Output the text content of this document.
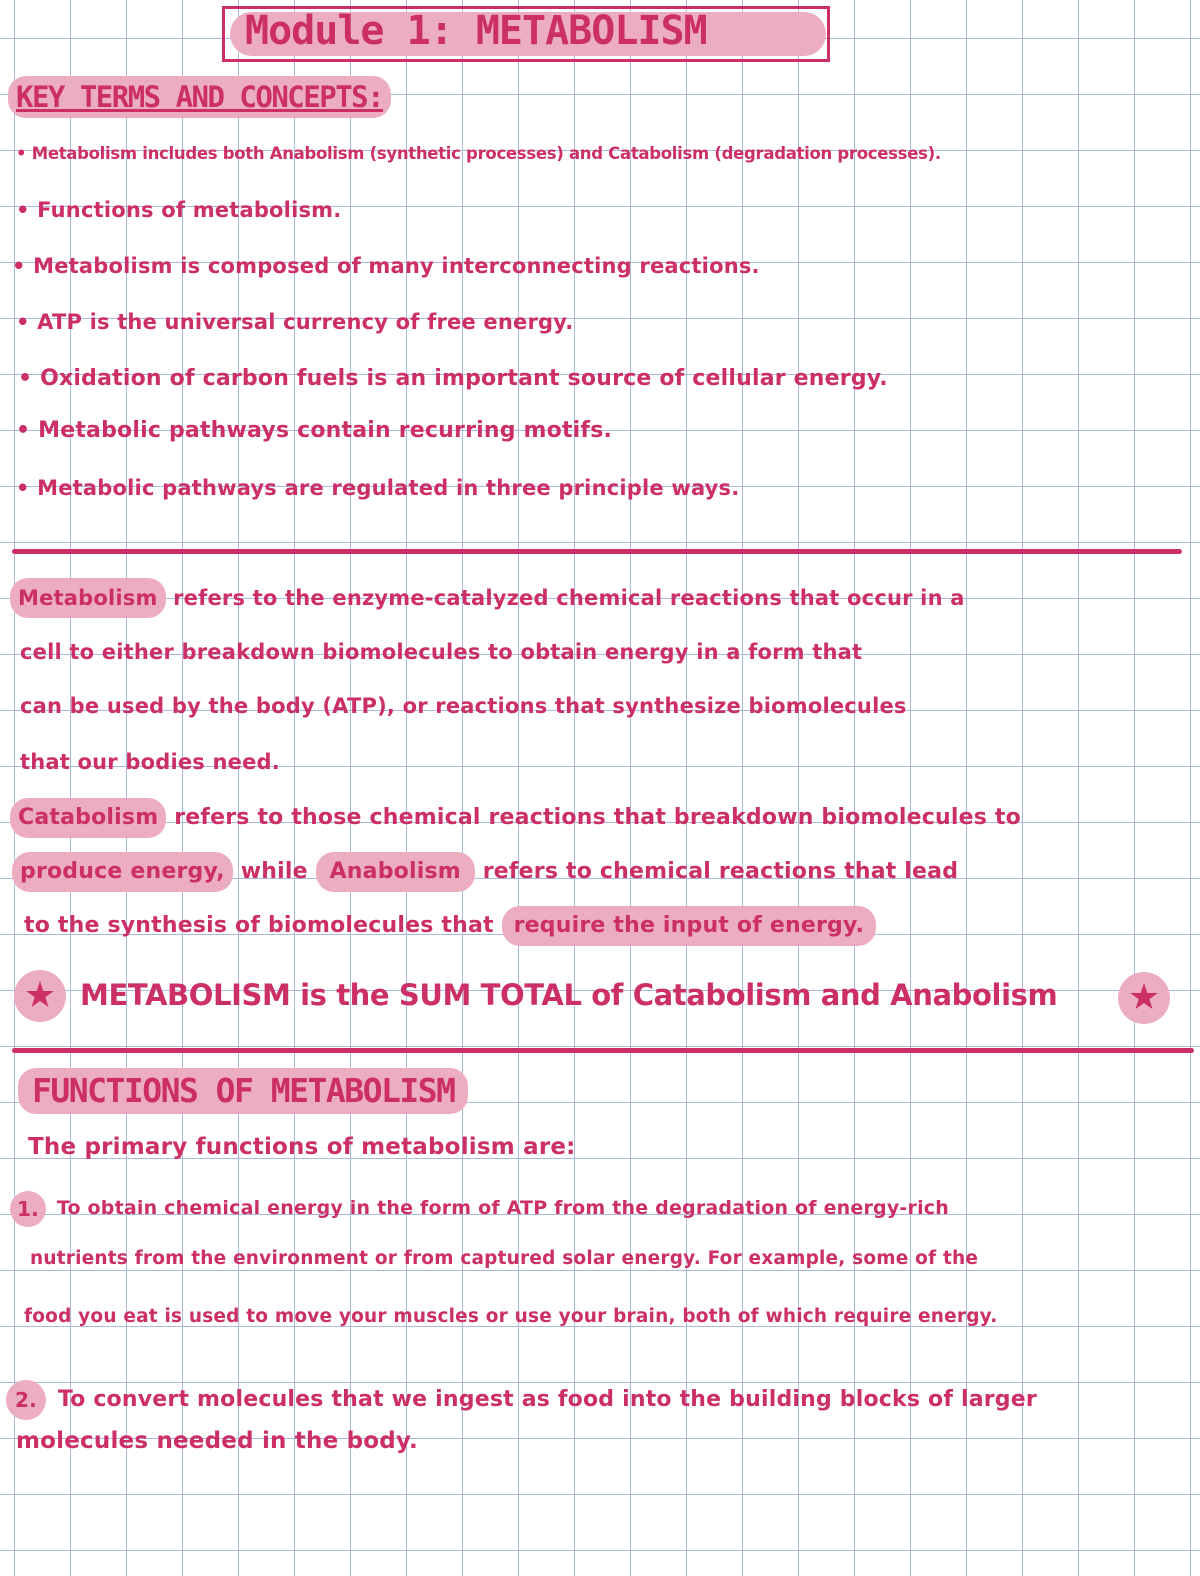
Module 1: METABOLISM
KEY TERMS AND CONCEPTS:
• Metabolism includes both Anabolism (synthetic processes) and Catabolism (degradation processes).
• Functions of metabolism.
• Metabolism is composed of many interconnecting reactions.
• ATP is the universal currency of free energy.
• Oxidation of carbon fuels is an important source of cellular energy.
• Metabolic pathways contain recurring motifs.
• Metabolic pathways are regulated in three principle ways.
Metabolism refers to the enzyme-catalyzed chemical reactions that occur in a
cell to either breakdown biomolecules to obtain energy in a form that
can be used by the body (ATP), or reactions that synthesize biomolecules
that our bodies need.
Catabolism refers to those chemical reactions that breakdown biomolecules to
produce energy, while Anabolism refers to chemical reactions that lead
to the synthesis of biomolecules that require the input of energy.
★ METABOLISM is the SUM TOTAL of Catabolism and Anabolism ★
FUNCTIONS OF METABOLISM
The primary functions of metabolism are:
1. To obtain chemical energy in the form of ATP from the degradation of energy-rich
nutrients from the environment or from captured solar energy. For example, some of the
food you eat is used to move your muscles or use your brain, both of which require energy.
2. To convert molecules that we ingest as food into the building blocks of larger
molecules needed in the body.
